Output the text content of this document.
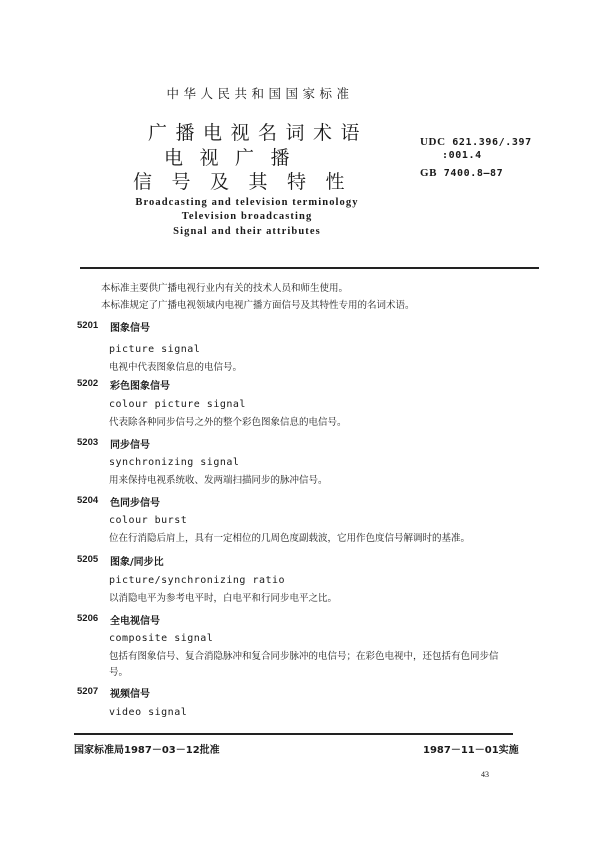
中华人民共和国国家标准
广播电视名词术语
电视广播
信号及其特性
UDC 621.396/.397
:001.4
GB 7400.8—87
Broadcasting and television terminology
Television broadcasting
Signal and their attributes
本标准主要供广播电视行业内有关的技术人员和师生使用。
本标准规定了广播电视领域内电视广播方面信号及其特性专用的名词术语。
5201 图象信号
picture signal
电视中代表图象信息的电信号。
5202 彩色图象信号
colour picture signal
代表除各种同步信号之外的整个彩色图象信息的电信号。
5203 同步信号
synchronizing signal
用来保持电视系统收、发两端扫描同步的脉冲信号。
5204 色同步信号
colour burst
位在行消隐后肩上，具有一定相位的几周色度副载波，它用作色度信号解调时的基准。
5205 图象/同步比
picture/synchronizing ratio
以消隐电平为参考电平时，白电平和行同步电平之比。
5206 全电视信号
composite signal
包括有图象信号、复合消隐脉冲和复合同步脉冲的电信号；在彩色电视中，还包括有色同步信
号。
5207 视频信号
video signal
国家标准局1987－03－12批准	1987－11－01实施
43
